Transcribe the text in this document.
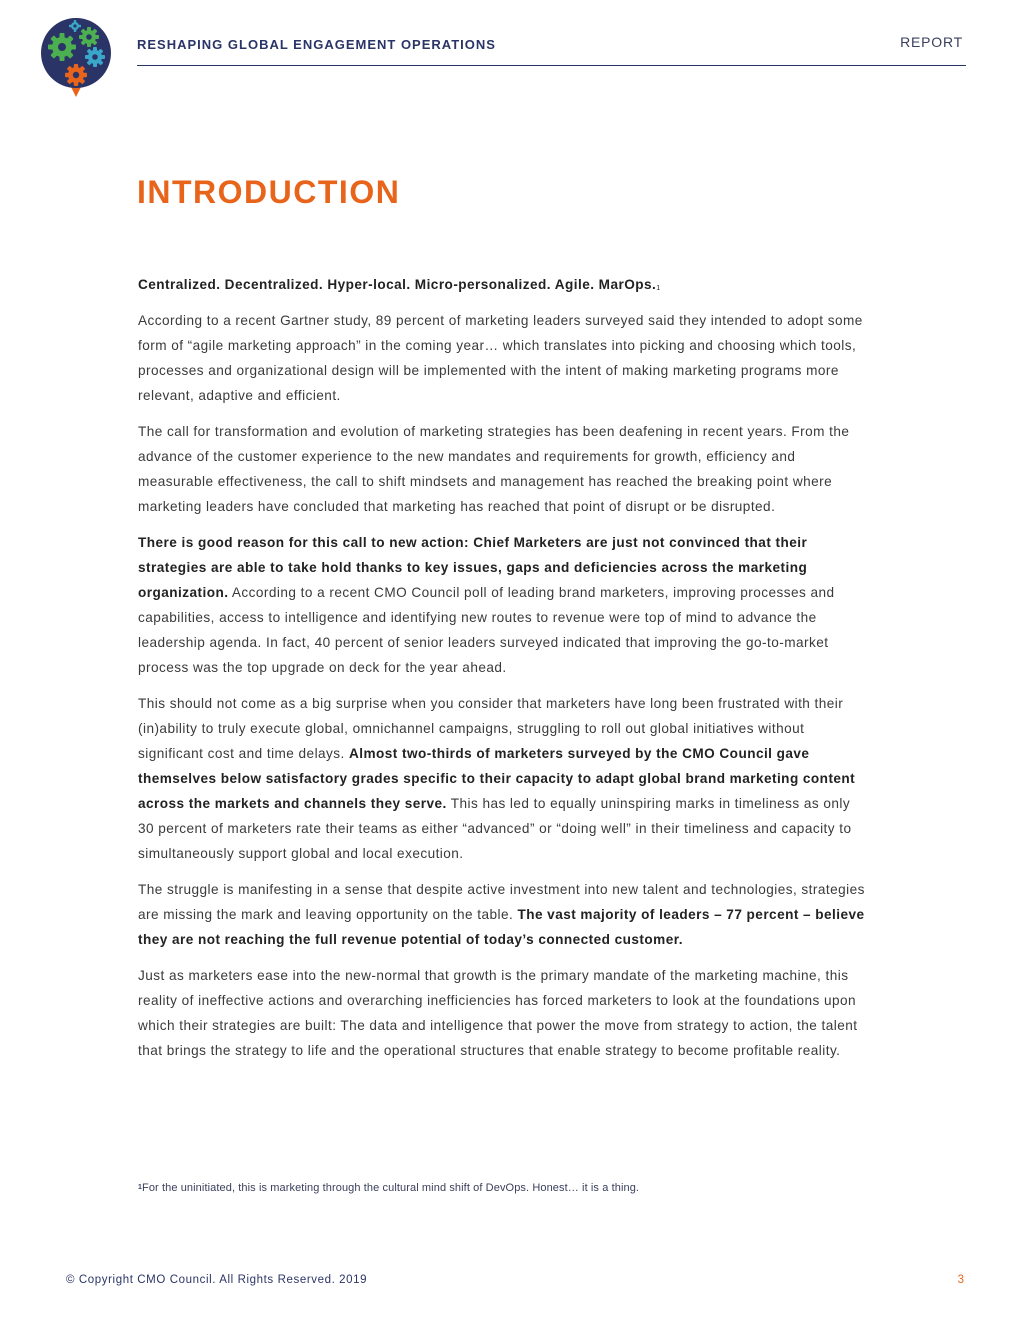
RESHAPING GLOBAL ENGAGEMENT OPERATIONS	REPORT
INTRODUCTION

Centralized. Decentralized. Hyper-local. Micro-personalized. Agile. MarOps.$^1$

According to a recent Gartner study, 89 percent of marketing leaders surveyed said they intended to adopt some form of “agile marketing approach” in the coming year… which translates into picking and choosing which tools, processes and organizational design will be implemented with the intent of making marketing programs more relevant, adaptive and efficient.

The call for transformation and evolution of marketing strategies has been deafening in recent years. From the advance of the customer experience to the new mandates and requirements for growth, efficiency and measurable effectiveness, the call to shift mindsets and management has reached the breaking point where marketing leaders have concluded that marketing has reached that point of disrupt or be disrupted.

There is good reason for this call to new action: Chief Marketers are just not convinced that their strategies are able to take hold thanks to key issues, gaps and deficiencies across the marketing organization. According to a recent CMO Council poll of leading brand marketers, improving processes and capabilities, access to intelligence and identifying new routes to revenue were top of mind to advance the leadership agenda. In fact, 40 percent of senior leaders surveyed indicated that improving the go-to-market process was the top upgrade on deck for the year ahead.

This should not come as a big surprise when you consider that marketers have long been frustrated with their (in)ability to truly execute global, omnichannel campaigns, struggling to roll out global initiatives without significant cost and time delays. Almost two-thirds of marketers surveyed by the CMO Council gave themselves below satisfactory grades specific to their capacity to adapt global brand marketing content across the markets and channels they serve. This has led to equally uninspiring marks in timeliness as only 30 percent of marketers rate their teams as either “advanced” or “doing well” in their timeliness and capacity to simultaneously support global and local execution.

The struggle is manifesting in a sense that despite active investment into new talent and technologies, strategies are missing the mark and leaving opportunity on the table. The vast majority of leaders – 77 percent – believe they are not reaching the full revenue potential of today’s connected customer.

Just as marketers ease into the new-normal that growth is the primary mandate of the marketing machine, this reality of ineffective actions and overarching inefficiencies has forced marketers to look at the foundations upon which their strategies are built: The data and intelligence that power the move from strategy to action, the talent that brings the strategy to life and the operational structures that enable strategy to become profitable reality.

$^1$For the uninitiated, this is marketing through the cultural mind shift of DevOps. Honest… it is a thing.
© Copyright CMO Council. All Rights Reserved. 2019	3
